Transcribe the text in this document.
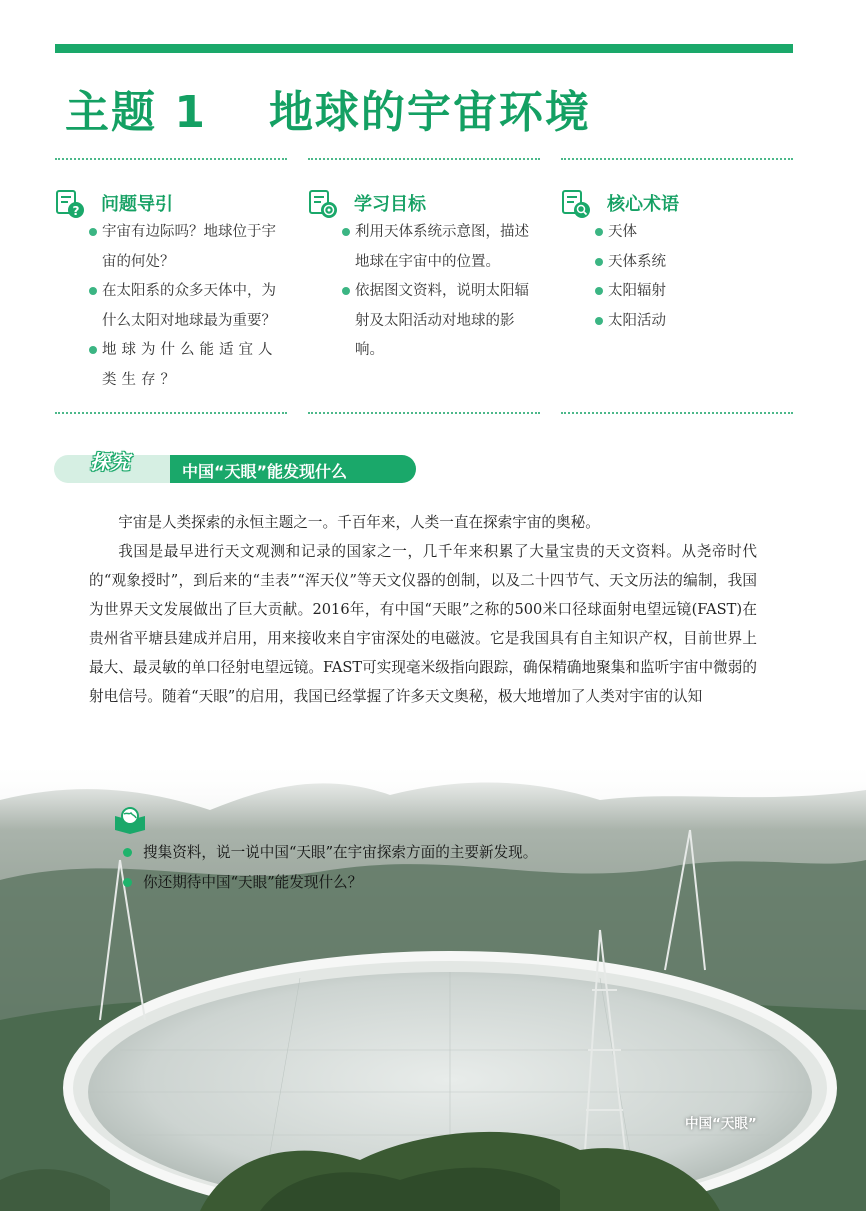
主题 1 地球的宇宙环境
? 问题导引
宇宙有边际吗？地球位于宇宙的何处？
在太阳系的众多天体中，为什么太阳对地球最为重要？
地球为什么能适宜人类生存？
学习目标
利用天体系统示意图，描述地球在宇宙中的位置。
依据图文资料，说明太阳辐射及太阳活动对地球的影响。
核心术语
天体
天体系统
太阳辐射
太阳活动
探究	中国“天眼”能发现什么

宇宙是人类探索的永恒主题之一。千百年来，人类一直在探索宇宙的奥秘。

我国是最早进行天文观测和记录的国家之一，几千年来积累了大量宝贵的天文资料。从尧帝时代的“观象授时”，到后来的“圭表”“浑天仪”等天文仪器的创制，以及二十四节气、天文历法的编制，我国为世界天文发展做出了巨大贡献。2016年，有中国“天眼”之称的500米口径球面射电望远镜(FAST)在贵州省平塘县建成并启用，用来接收来自宇宙深处的电磁波。它是我国具有自主知识产权，目前世界上最大、最灵敏的单口径射电望远镜。FAST可实现毫米级指向跟踪，确保精确地聚集和监听宇宙中微弱的射电信号。随着“天眼”的启用，我国已经掌握了许多天文奥秘，极大地增加了人类对宇宙的认知

搜集资料，说一说中国“天眼”在宇宙探索方面的主要新发现。
你还期待中国“天眼”能发现什么？
中国“天眼”
